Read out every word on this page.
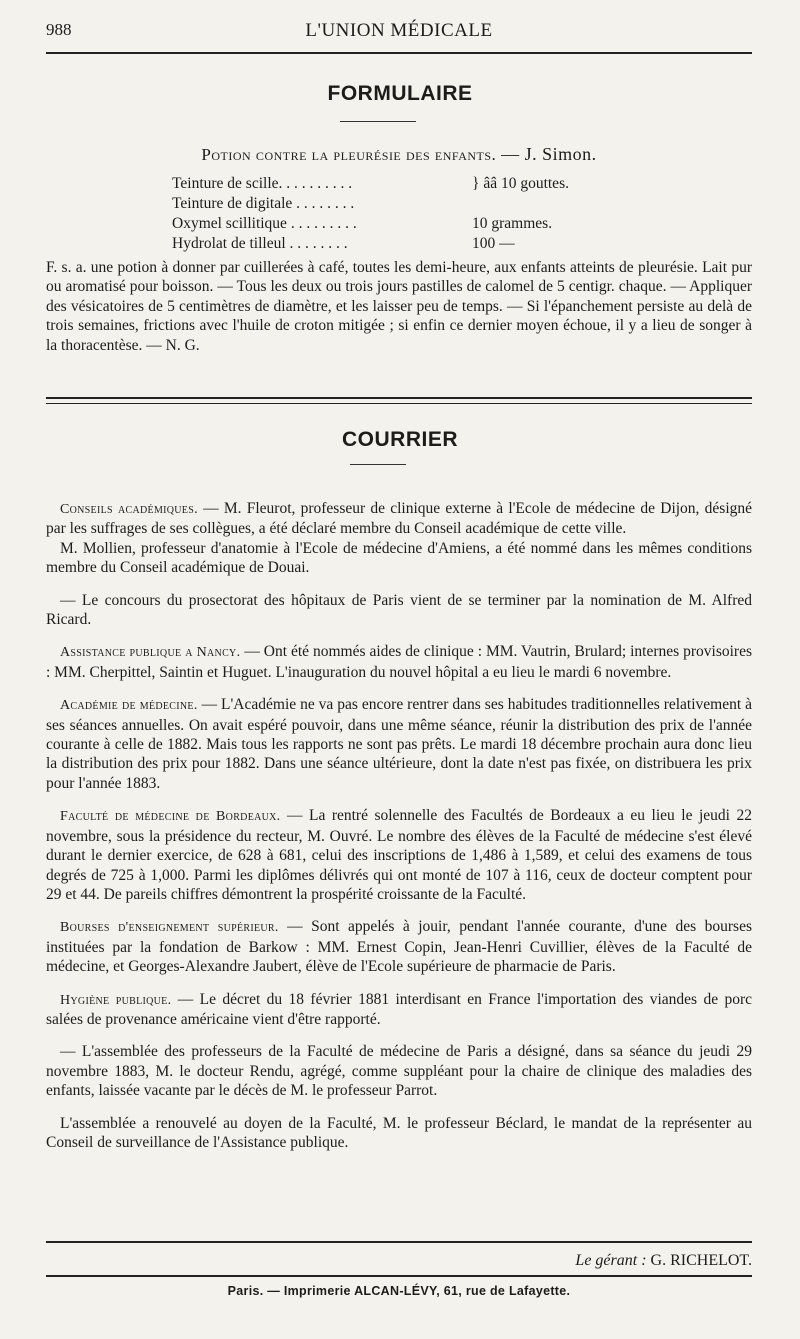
988	L'UNION MÉDICALE
FORMULAIRE
Potion contre la pleurésie des enfants. — J. Simon.
Teinture de scille. . . . . . . . . .	} ââ 10 gouttes.
Teinture de digitale . . . . . . . .
Oxymel scillitique . . . . . . . . .	10 grammes.
Hydrolat de tilleul . . . . . . . .	100 —

F. s. a. une potion à donner par cuillerées à café, toutes les demi-heure, aux enfants atteints de pleurésie. Lait pur ou aromatisé pour boisson. — Tous les deux ou trois jours pastilles de calomel de 5 centigr. chaque. — Appliquer des vésicatoires de 5 centimètres de diamètre, et les laisser peu de temps. — Si l'épanchement persiste au delà de trois semaines, frictions avec l'huile de croton mitigée ; si enfin ce dernier moyen échoue, il y a lieu de songer à la thoracentèse. — N. G.

COURRIER

Conseils académiques. — M. Fleurot, professeur de clinique externe à l'Ecole de médecine de Dijon, désigné par les suffrages de ses collègues, a été déclaré membre du Conseil académique de cette ville.

M. Mollien, professeur d'anatomie à l'Ecole de médecine d'Amiens, a été nommé dans les mêmes conditions membre du Conseil académique de Douai.

— Le concours du prosectorat des hôpitaux de Paris vient de se terminer par la nomination de M. Alfred Ricard.

Assistance publique a Nancy. — Ont été nommés aides de clinique : MM. Vautrin, Brulard; internes provisoires : MM. Cherpittel, Saintin et Huguet. L'inauguration du nouvel hôpital a eu lieu le mardi 6 novembre.

Académie de médecine. — L'Académie ne va pas encore rentrer dans ses habitudes traditionnelles relativement à ses séances annuelles. On avait espéré pouvoir, dans une même séance, réunir la distribution des prix de l'année courante à celle de 1882. Mais tous les rapports ne sont pas prêts. Le mardi 18 décembre prochain aura donc lieu la distribution des prix pour 1882. Dans une séance ultérieure, dont la date n'est pas fixée, on distribuera les prix pour l'année 1883.

Faculté de médecine de Bordeaux. — La rentré solennelle des Facultés de Bordeaux a eu lieu le jeudi 22 novembre, sous la présidence du recteur, M. Ouvré. Le nombre des élèves de la Faculté de médecine s'est élevé durant le dernier exercice, de 628 à 681, celui des inscriptions de 1,486 à 1,589, et celui des examens de tous degrés de 725 à 1,000. Parmi les diplômes délivrés qui ont monté de 107 à 116, ceux de docteur comptent pour 29 et 44. De pareils chiffres démontrent la prospérité croissante de la Faculté.

Bourses d'enseignement supérieur. — Sont appelés à jouir, pendant l'année courante, d'une des bourses instituées par la fondation de Barkow : MM. Ernest Copin, Jean-Henri Cuvillier, élèves de la Faculté de médecine, et Georges-Alexandre Jaubert, élève de l'Ecole supérieure de pharmacie de Paris.

Hygiène publique. — Le décret du 18 février 1881 interdisant en France l'importation des viandes de porc salées de provenance américaine vient d'être rapporté.

— L'assemblée des professeurs de la Faculté de médecine de Paris a désigné, dans sa séance du jeudi 29 novembre 1883, M. le docteur Rendu, agrégé, comme suppléant pour la chaire de clinique des maladies des enfants, laissée vacante par le décès de M. le professeur Parrot.

L'assemblée a renouvelé au doyen de la Faculté, M. le professeur Béclard, le mandat de la représenter au Conseil de surveillance de l'Assistance publique.

Le gérant : G. RICHELOT.
Paris. — Imprimerie ALCAN-LÉVY, 61, rue de Lafayette.
